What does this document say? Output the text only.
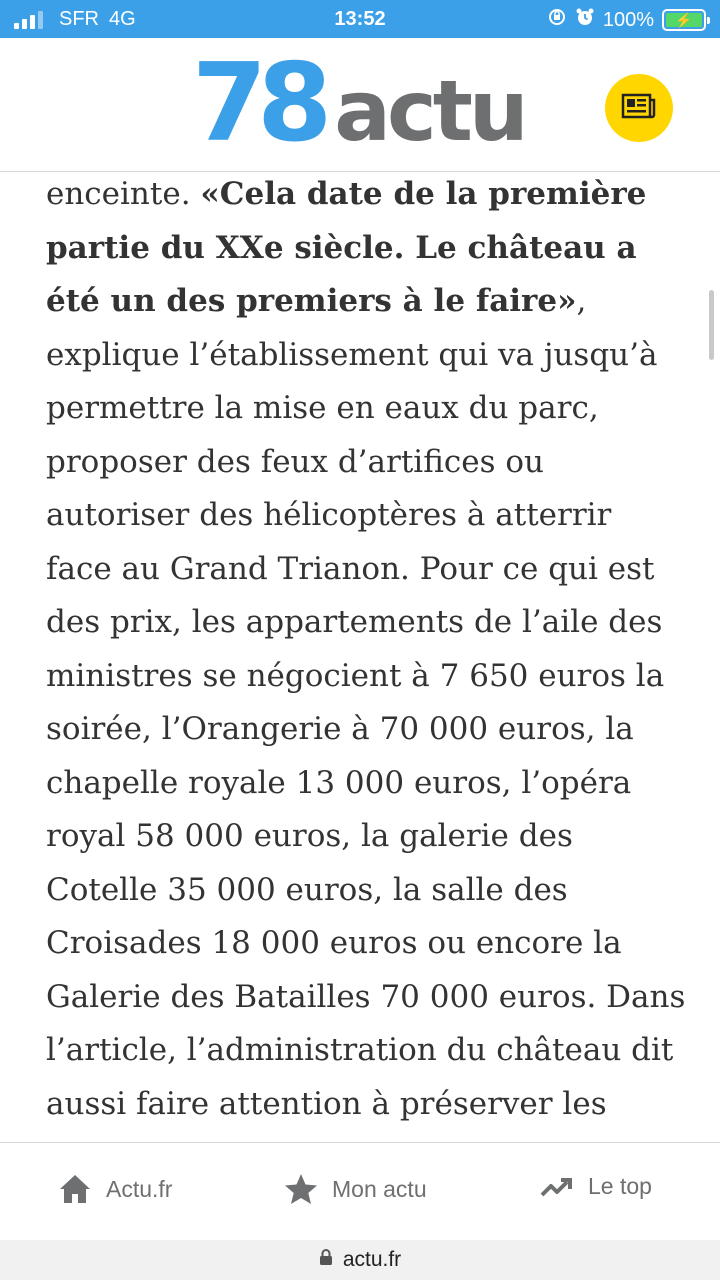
SFR 4G	13:52	100%	⚡
78 actu

enceinte. «Cela date de la première partie du XXe siècle. Le château a été un des premiers à le faire», explique l’établissement qui va jusqu’à permettre la mise en eaux du parc, proposer des feux d’artifices ou autoriser des hélicoptères à atterrir face au Grand Trianon. Pour ce qui est des prix, les appartements de l’aile des ministres se négocient à 7 650 euros la soirée, l’Orangerie à 70 000 euros, la chapelle royale 13 000 euros, l’opéra royal 58 000 euros, la galerie des Cotelle 35 000 euros, la salle des Croisades 18 000 euros ou encore la Galerie des Batailles 70 000 euros. Dans l’article, l’administration du château dit aussi faire attention à préserver les

Actu.fr	Mon actu	Le top
actu.fr
